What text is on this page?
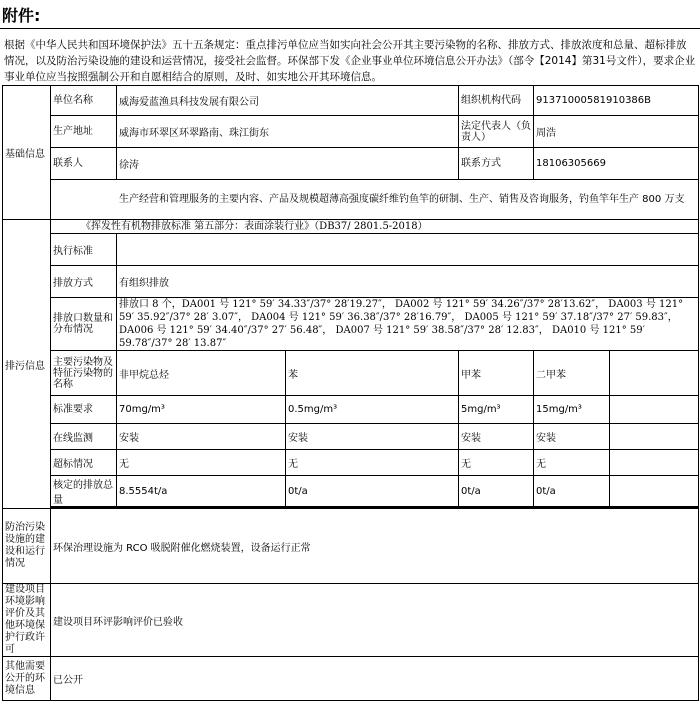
附件:
根据《中华人民共和国环境保护法》五十五条规定：重点排污单位应当如实向社会公开其主要污染物的名称、排放方式、排放浓度和总量、超标排放情况，以及防治污染设施的建设和运营情况，接受社会监督。环保部下发《企业事业单位环境信息公开办法》（部令【2014】第31号文件），要求企业事业单位应当按照强制公开和自愿相结合的原则，及时、如实地公开其环境信息。
基础信息	单位名称	威海爱蓝渔具科技发展有限公司		组织机构代码	91371000581910386B	
	生产地址	威海市环翠区环翠路南、珠江街东		法定代表人（负责人）	周浩	
	联系人	徐涛		联系方式	18106305669	
	生产经营和管理服务的主要内容、产品及规模超薄高强度碳纤维钓鱼竿的研制、生产、销售及咨询服务，钓鱼竿年生产 800 万支					
排污信息	《挥发性有机物排放标准 第五部分：表面涂装行业》（DB37/ 2801.5-2018）					
	执行标准					
	排放方式	有组织排放				
	排放口数量和分布情况	排放口 8 个，DA001 号 121° 59′ 34.33″/37° 28′19.27″， DA002 号 121° 59′ 34.26″/37° 28′13.62″， DA003 号 121° 59′ 35.92″/37° 28′ 3.07″， DA004 号 121° 59′ 36.38″/37° 28′16.79″， DA005 号 121° 59′ 37.18″/37° 27′ 59.83″， DA006 号 121° 59′ 34.40″/37° 27′ 56.48″， DA007 号 121° 59′ 38.58″/37° 28′ 12.83″， DA010 号 121° 59′ 59.78″/37° 28′ 13.87″				
	主要污染物及特征污染物的名称	非甲烷总烃	苯	甲苯	二甲苯	
	标准要求	70mg/m³	0.5mg/m³	5mg/m³	15mg/m³	
	在线监测	安装	安装	安装	安装	
	超标情况	无	无	无	无	
	核定的排放总量	8.5554t/a	0t/a	0t/a	0t/a	

防治污染设施的建设和运行情况	环保治理设施为 RCO 吸脱附催化燃烧装置，设备运行正常					
建设项目环境影响评价及其他环境保护行政许可	建设项目环评影响评价已验收					
其他需要公开的环境信息	已公开					
